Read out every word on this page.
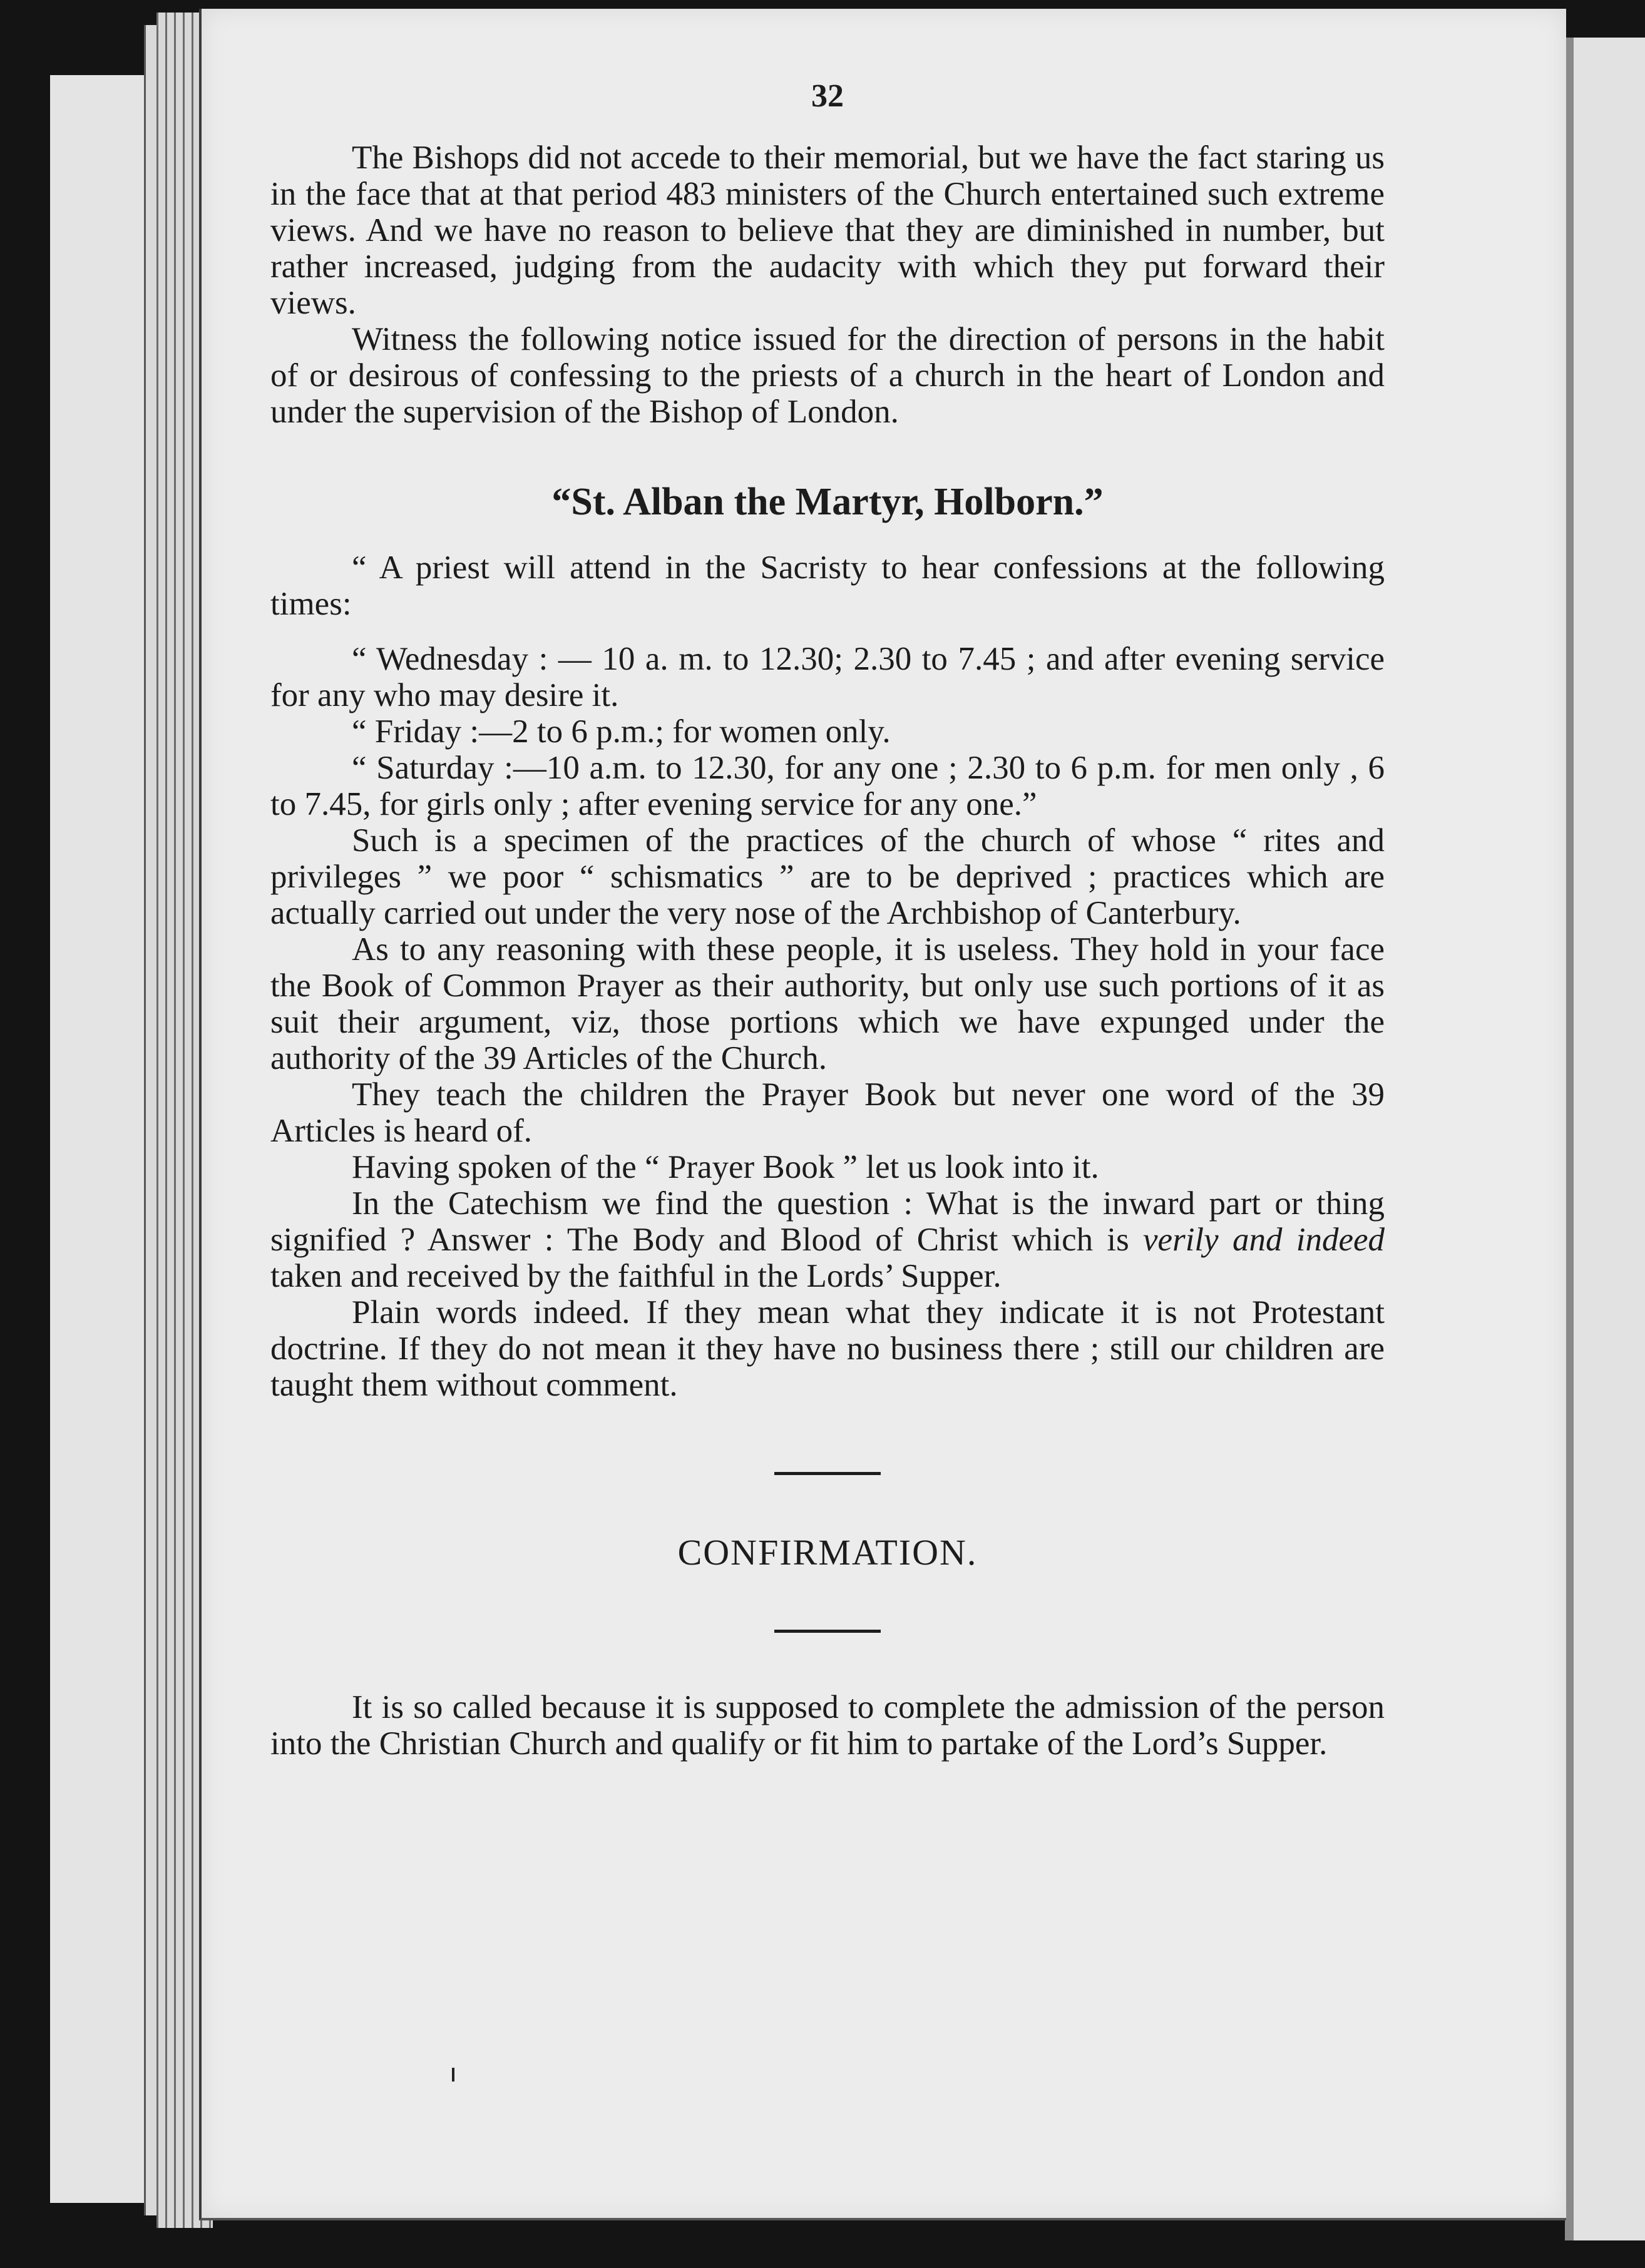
32

The Bishops did not accede to their memorial, but we have the fact staring us in the face that at that period 483 ministers of the Church entertained such extreme views. And we have no reason to believe that they are diminished in number, but rather increased, judging from the audacity with which they put forward their views.

Witness the following notice issued for the direction of persons in the habit of or desirous of confessing to the priests of a church in the heart of London and under the supervision of the Bishop of London.

“St. Alban the Martyr, Holborn.”

“ A priest will attend in the Sacristy to hear confessions at the following times:

“ Wednesday : — 10 a. m. to 12.30; 2.30 to 7.45 ; and after evening service for any who may desire it.

“ Friday :—2 to 6 p.m.; for women only.

“ Saturday :—10 a.m. to 12.30, for any one ; 2.30 to 6 p.m. for men only , 6 to 7.45, for girls only ; after evening service for any one.”

Such is a specimen of the practices of the church of whose “ rites and privileges ” we poor “ schismatics ” are to be deprived ; practices which are actually carried out under the very nose of the Archbishop of Canterbury.

As to any reasoning with these people, it is useless. They hold in your face the Book of Common Prayer as their authority, but only use such portions of it as suit their argument, viz, those portions which we have expunged under the authority of the 39 Articles of the Church.

They teach the children the Prayer Book but never one word of the 39 Articles is heard of.

Having spoken of the “ Prayer Book ” let us look into it.

In the Catechism we find the question : What is the inward part or thing signified ? Answer : The Body and Blood of Christ which is verily and indeed taken and received by the faithful in the Lords’ Supper.

Plain words indeed. If they mean what they indicate it is not Protestant doctrine. If they do not mean it they have no business there ; still our children are taught them without comment.

CONFIRMATION.

It is so called because it is supposed to complete the admission of the person into the Christian Church and qualify or fit him to partake of the Lord’s Supper.
